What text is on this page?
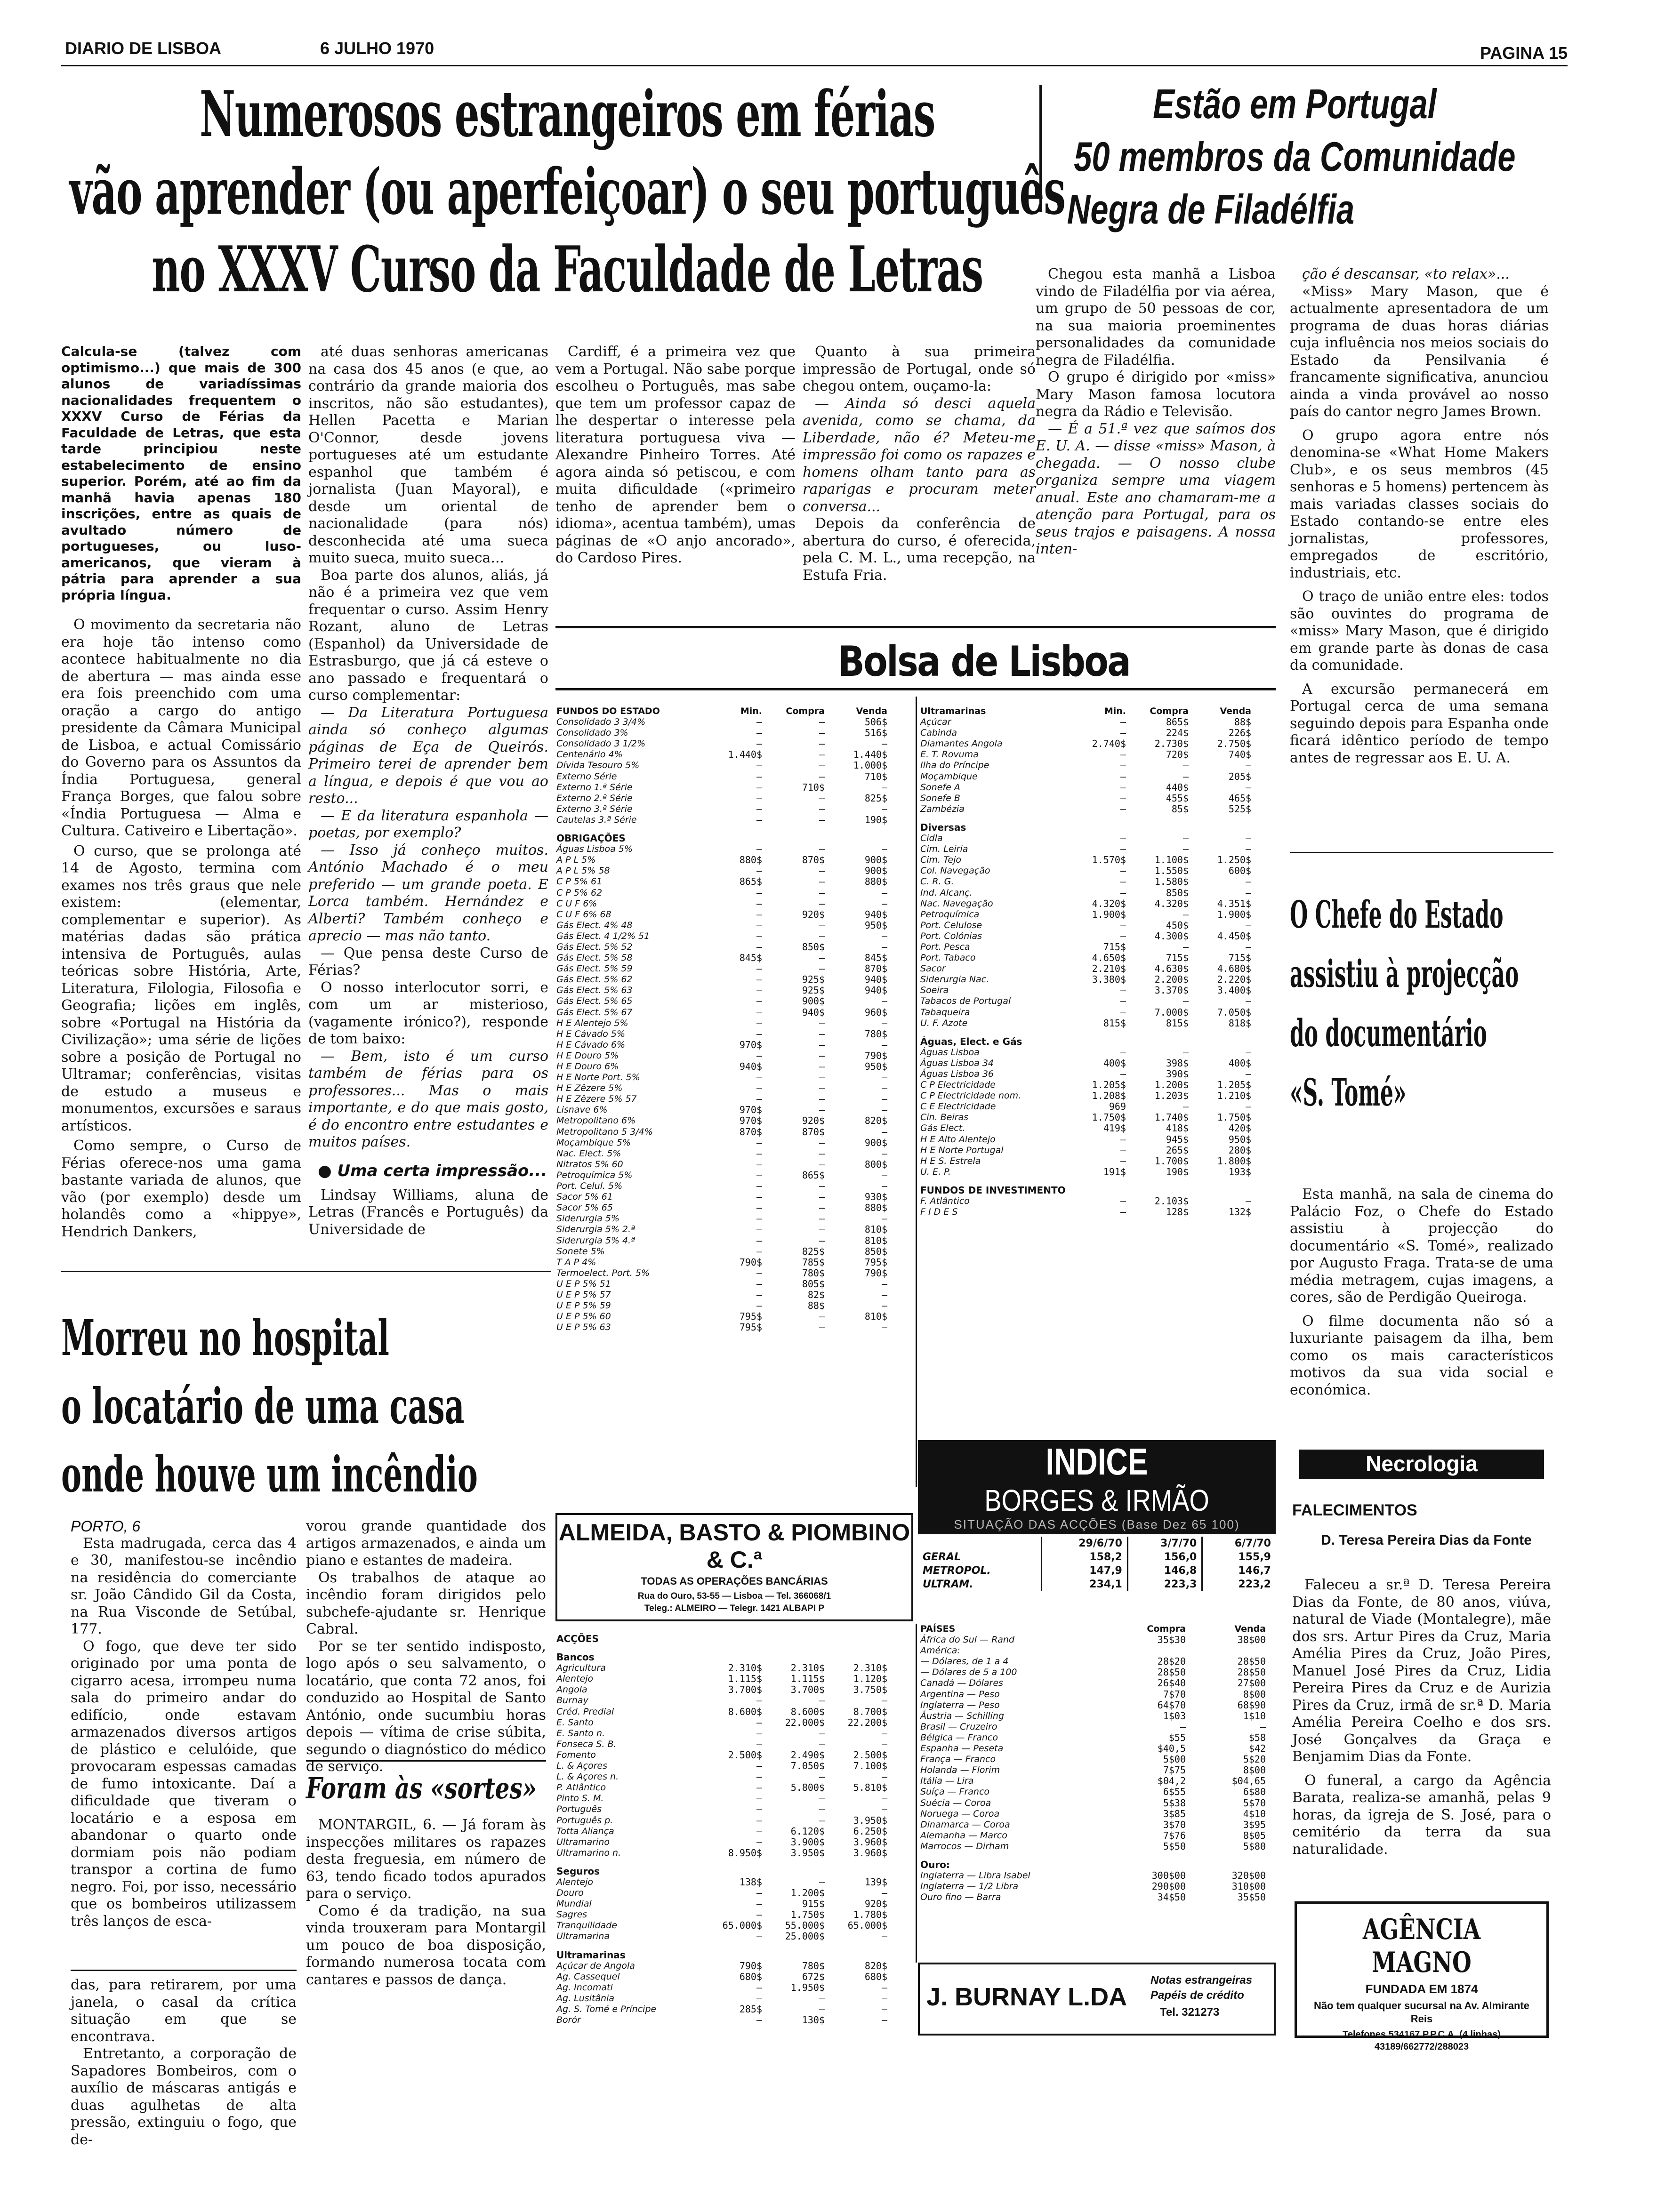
DIARIO DE LISBOA	6 JULHO 1970	PAGINA 15
Numerosos estrangeiros em férias
vão aprender (ou aperfeiçoar) o seu português
no XXXV Curso da Faculdade de Letras
Estão em Portugal
50 membros da Comunidade
Negra de Filadélfia

Chegou esta manhã a Lisboa vindo de Filadélfia por via aérea, um grupo de 50 pessoas de cor, na sua maioria proeminentes personalidades da comunidade negra de Filadélfia.

O grupo é dirigido por «miss» Mary Mason famosa locutora negra da Rádio e Televisão.

— É a 51.ª vez que saímos dos E. U. A. — disse «miss» Mason, à chegada. — O nosso clube organiza sempre uma viagem anual. Este ano chamaram-me a atenção para Portugal, para os seus trajos e paisagens. A nossa inten-

ção é descansar, «to relax»...

«Miss» Mary Mason, que é actualmente apresentadora de um programa de duas horas diárias cuja influência nos meios sociais do Estado da Pensilvania é francamente significativa, anunciou ainda a vinda provável ao nosso país do cantor negro James Brown.

O grupo agora entre nós denomina-se «What Home Makers Club», e os seus membros (45 senhoras e 5 homens) pertencem às mais variadas classes sociais do Estado contando-se entre eles jornalistas, professores, empregados de escritório, industriais, etc.

O traço de união entre eles: todos são ouvintes do programa de «miss» Mary Mason, que é dirigido em grande parte às donas de casa da comunidade.

A excursão permanecerá em Portugal cerca de uma semana seguindo depois para Espanha onde ficará idêntico período de tempo antes de regressar aos E. U. A.

Calcula-se (talvez com optimismo...) que mais de 300 alunos de variadíssimas nacionalidades frequentem o XXXV Curso de Férias da Faculdade de Letras, que esta tarde principiou neste estabelecimento de ensino superior. Porém, até ao fim da manhã havia apenas 180 inscrições, entre as quais de avultado número de portugueses, ou luso-americanos, que vieram à pátria para aprender a sua própria língua.

O movimento da secretaria não era hoje tão intenso como acontece habitualmente no dia de abertura — mas ainda esse era fois preenchido com uma oração a cargo do antigo presidente da Câmara Municipal de Lisboa, e actual Comissário do Governo para os Assuntos da Índia Portuguesa, general França Borges, que falou sobre «Índia Portuguesa — Alma e Cultura. Cativeiro e Libertação».

O curso, que se prolonga até 14 de Agosto, termina com exames nos três graus que nele existem: (elementar, complementar e superior). As matérias dadas são prática intensiva de Português, aulas teóricas sobre História, Arte, Literatura, Filologia, Filosofia e Geografia; lições em inglês, sobre «Portugal na História da Civilização»; uma série de lições sobre a posição de Portugal no Ultramar; conferências, visitas de estudo a museus e monumentos, excursões e saraus artísticos.

Como sempre, o Curso de Férias oferece-nos uma gama bastante variada de alunos, que vão (por exemplo) desde um holandês como a «hippye», Hendrich Dankers,

até duas senhoras americanas na casa dos 45 anos (e que, ao contrário da grande maioria dos inscritos, não são estudantes), Hellen Pacetta e Marian O'Connor, desde jovens portugueses até um estudante espanhol que também é jornalista (Juan Mayoral), e desde um oriental de nacionalidade (para nós) desconhecida até uma sueca muito sueca, muito sueca...

Boa parte dos alunos, aliás, já não é a primeira vez que vem frequentar o curso. Assim Henry Rozant, aluno de Letras (Espanhol) da Universidade de Estrasburgo, que já cá esteve o ano passado e frequentará o curso complementar:

— Da Literatura Portuguesa ainda só conheço algumas páginas de Eça de Queirós. Primeiro terei de aprender bem a língua, e depois é que vou ao resto...

— E da literatura espanhola — poetas, por exemplo?

— Isso já conheço muitos. António Machado é o meu preferido — um grande poeta. E Lorca também. Hernández e Alberti? Também conheço e aprecio — mas não tanto.

— Que pensa deste Curso de Férias?

O nosso interlocutor sorri, e com um ar misterioso, (vagamente irónico?), responde de tom baixo:

— Bem, isto é um curso também de férias para os professores... Mas o mais importante, e do que mais gosto, é do encontro entre estudantes e muitos países.

● Uma certa impressão...

Lindsay Williams, aluna de Letras (Francês e Português) da Universidade de

Cardiff, é a primeira vez que vem a Portugal. Não sabe porque escolheu o Português, mas sabe que tem um professor capaz de lhe despertar o interesse pela literatura portuguesa viva — Alexandre Pinheiro Torres. Até agora ainda só petiscou, e com muita dificuldade («primeiro tenho de aprender bem o idioma», acentua também), umas páginas de «O anjo ancorado», do Cardoso Pires.

Quanto à sua primeira impressão de Portugal, onde só chegou ontem, ouçamo-la:

— Ainda só desci aquela avenida, como se chama, da Liberdade, não é? Meteu-me impressão foi como os rapazes e homens olham tanto para as raparigas e procuram meter conversa...

Depois da conferência de abertura do curso, é oferecida, pela C. M. L., uma recepção, na Estufa Fria.

O Chefe do Estado
assistiu à projecção
do documentário
«S. Tomé»

Esta manhã, na sala de cinema do Palácio Foz, o Chefe do Estado assistiu à projecção do documentário «S. Tomé», realizado por Augusto Fraga. Trata-se de uma média metragem, cujas imagens, a cores, são de Perdigão Queiroga.

O filme documenta não só a luxuriante paisagem da ilha, bem como os mais característicos motivos da sua vida social e económica.

Bolsa de Lisboa
FUNDOS DO ESTADO	Min.	Compra	Venda
Consolidado 3 3/4%	—	—	506$
Consolidado 3%	—	—	516$
Consolidado 3 1/2%	—	—	—
Centenário 4%	1.440$	—	1.440$
Dívida Tesouro 5%	—	—	1.000$
Externo Série	—	—	710$
Externo 1.ª Série	—	710$	—
Externo 2.ª Série	—	—	825$
Externo 3.ª Série	—	—	—
Cautelas 3.ª Série	—	—	190$
OBRIGAÇÕES
Águas Lisboa 5%	—	—	—
A P L 5%	880$	870$	900$
A P L 5% 58	—	—	900$
C P 5% 61	865$	—	880$
C P 5% 62	—	—	—
C U F 6%	—	—	—
C U F 6% 68	—	920$	940$
Gás Elect. 4% 48	—	—	950$
Gás Elect. 4 1/2% 51	—	—	—
Gás Elect. 5% 52	—	850$	—
Gás Elect. 5% 58	845$	—	845$
Gás Elect. 5% 59	—	—	870$
Gás Elect. 5% 62	—	925$	940$
Gás Elect. 5% 63	—	925$	940$
Gás Elect. 5% 65	—	900$	—
Gás Elect. 5% 67	—	940$	960$
H E Alentejo 5%	—	—	—
H E Cávado 5%	—	—	780$
H E Cávado 6%	970$	—	—
H E Douro 5%	—	—	790$
H E Douro 6%	940$	—	950$
H E Norte Port. 5%	—	—	—
H E Zêzere 5%	—	—	—
H E Zêzere 5% 57	—	—	—
Lisnave 6%	970$	—	—
Metropolitano 6%	970$	920$	820$
Metropolitano 5 3/4%	870$	870$	—
Moçambique 5%	—	—	900$
Nac. Elect. 5%	—	—	—
Nitratos 5% 60	—	—	800$
Petroquímica 5%	—	865$	—
Port. Celul. 5%	—	—	—
Sacor 5% 61	—	—	930$
Sacor 5% 65	—	—	880$
Siderurgia 5%	—	—	—
Siderurgia 5% 2.ª	—	—	810$
Siderurgia 5% 4.ª	—	—	810$
Sonete 5%	—	825$	850$
T A P 4%	790$	785$	795$
Termoelect. Port. 5%	—	780$	790$
U E P 5% 51	—	805$	—
U E P 5% 57	—	82$	—
U E P 5% 59	—	88$	—
U E P 5% 60	795$	—	810$
U E P 5% 63	795$	—	—
Ultramarinas	Min.	Compra	Venda
Açúcar	—	865$	88$
Cabinda	—	224$	226$
Diamantes Angola	2.740$	2.730$	2.750$
E. T. Rovuma	—	720$	740$
Ilha do Príncipe	—	—	—
Moçambique	—	—	205$
Sonefe A	—	440$	—
Sonefe B	—	455$	465$
Zambézia	—	85$	525$
Diversas
Cidla	—	—	—
Cim. Leiria	—	—	—
Cim. Tejo	1.570$	1.100$	1.250$
Col. Navegação	—	1.550$	600$
C. R. G.	—	1.580$	—
Ind. Alcanç.	—	850$	—
Nac. Navegação	4.320$	4.320$	4.351$
Petroquímica	1.900$	—	1.900$
Port. Celulose	—	450$	—
Port. Colónias	—	4.300$	4.450$
Port. Pesca	715$	—	—
Port. Tabaco	4.650$	715$	715$
Sacor	2.210$	4.630$	4.680$
Siderurgia Nac.	3.380$	2.200$	2.220$
Soeira	—	3.370$	3.400$
Tabacos de Portugal	—	—	—
Tabaqueira	—	7.000$	7.050$
U. F. Azote	815$	815$	818$
Águas, Elect. e Gás
Águas Lisboa	—	—	—
Águas Lisboa 34	400$	398$	400$
Águas Lisboa 36	—	390$	—
C P Electricidade	1.205$	1.200$	1.205$
C P Electricidade nom.	1.208$	1.203$	1.210$
C E Electricidade	969	—	—
Cin. Beiras	1.750$	1.740$	1.750$
Gás Elect.	419$	418$	420$
H E Alto Alentejo	—	945$	950$
H E Norte Portugal	—	265$	280$
H E S. Estrela	—	1.700$	1.800$
U. E. P.	191$	190$	193$
FUNDOS DE INVESTIMENTO
F. Atlântico	—	2.103$	—
F I D E S	—	128$	132$
INDICE
BORGES & IRMÃO
SITUAÇÃO DAS ACÇÕES (Base Dez 65 100)
	29/6/70	3/7/70	6/7/70
GERAL	158,2	156,0	155,9
METROPOL.	147,9	146,8	146,7
ULTRAM.	234,1	223,3	223,2
ALMEIDA, BASTO & PIOMBINO & C.ª
TODAS AS OPERAÇÕES BANCÁRIAS
Rua do Ouro, 53-55 — Lisboa — Tel. 366068/1
Teleg.: ALMEIRO — Telegr. 1421 ALBAPI P
ACÇÕES
Bancos
Agricultura	2.310$	2.310$	2.310$
Alentejo	1.115$	1.115$	1.120$
Angola	3.700$	3.700$	3.750$
Burnay	—	—	—
Créd. Predial	8.600$	8.600$	8.700$
E. Santo	—	22.000$	22.200$
E. Santo n.	—	—	—
Fonseca S. B.	—	—	—
Fomento	2.500$	2.490$	2.500$
L. & Açores	—	7.050$	7.100$
L. & Açores n.	—	—	—
P. Atlântico	—	5.800$	5.810$
Pinto S. M.	—	—	—
Português	—	—	—
Português p.	—	—	3.950$
Totta Aliança	—	6.120$	6.250$
Ultramarino	—	3.900$	3.960$
Ultramarino n.	8.950$	3.950$	3.960$
Seguros
Alentejo	138$	—	139$
Douro	—	1.200$	—
Mundial	—	915$	920$
Sagres	—	1.750$	1.780$
Tranquilidade	65.000$	55.000$	65.000$
Ultramarina	—	25.000$	—
Ultramarinas
Açúcar de Angola	790$	780$	820$
Ag. Cassequel	680$	672$	680$
Ag. Incomati	—	1.950$	—
Ag. Lusitânia	—	—	—
Ag. S. Tomé e Príncipe	285$	—	—
Borór	—	130$	—
PAÍSES	Compra	Venda
África do Sul — Rand	35$30	38$00
América:
— Dólares, de 1 a 4	28$20	28$50
— Dólares de 5 a 100	28$50	28$50
Canadá — Dólares	26$40	27$00
Argentina — Peso	7$70	8$00
Inglaterra — Peso	64$70	68$90
Áustria — Schilling	1$03	1$10
Brasil — Cruzeiro	—	—
Bélgica — Franco	$55	$58
Espanha — Peseta	$40,5	$42
França — Franco	5$00	5$20
Holanda — Florim	7$75	8$00
Itália — Lira	$04,2	$04,65
Suíça — Franco	6$55	6$80
Suécia — Coroa	5$38	5$70
Noruega — Coroa	3$85	4$10
Dinamarca — Coroa	3$70	3$95
Alemanha — Marco	7$76	8$05
Marrocos — Dirham	5$50	5$80
Ouro:
Inglaterra — Libra Isabel	300$00	320$00
Inglaterra — 1/2 Libra	290$00	310$00
Ouro fino — Barra	34$50	35$50
J. BURNAY L.DA
Notas estrangeiras
Papéis de crédito
Tel. 321273
Morreu no hospital
o locatário de uma casa
onde houve um incêndio
PORTO, 6

Esta madrugada, cerca das 4 e 30, manifestou-se incêndio na residência do comerciante sr. João Cândido Gil da Costa, na Rua Visconde de Setúbal, 177.

O fogo, que deve ter sido originado por uma ponta de cigarro acesa, irrompeu numa sala do primeiro andar do edifício, onde estavam armazenados diversos artigos de plástico e celulóide, que provocaram espessas camadas de fumo intoxicante. Daí a dificuldade que tiveram o locatário e a esposa em abandonar o quarto onde dormiam pois não podiam transpor a cortina de fumo negro. Foi, por isso, necessário que os bombeiros utilizassem três lanços de esca-

das, para retirarem, por uma janela, o casal da crítica situação em que se encontrava.

Entretanto, a corporação de Sapadores Bombeiros, com o auxílio de máscaras antigás e duas agulhetas de alta pressão, extinguiu o fogo, que de-

vorou grande quantidade dos artigos armazenados, e ainda um piano e estantes de madeira.

Os trabalhos de ataque ao incêndio foram dirigidos pelo subchefe-ajudante sr. Henrique Cabral.

Por se ter sentido indisposto, logo após o seu salvamento, o locatário, que conta 72 anos, foi conduzido ao Hospital de Santo António, onde sucumbiu horas depois — vítima de crise súbita, segundo o diagnóstico do médico de serviço.

Foram às «sortes»

MONTARGIL, 6. — Já foram às inspecções militares os rapazes desta freguesia, em número de 63, tendo ficado todos apurados para o serviço.

Como é da tradição, na sua vinda trouxeram para Montargil um pouco de boa disposição, formando numerosa tocata com cantares e passos de dança.

Necrologia
FALECIMENTOS
D. Teresa Pereira Dias da Fonte

Faleceu a sr.ª D. Teresa Pereira Dias da Fonte, de 80 anos, viúva, natural de Viade (Montalegre), mãe dos srs. Artur Pires da Cruz, Maria Amélia Pires da Cruz, João Pires, Manuel José Pires da Cruz, Lidia Pereira Pires da Cruz e de Aurizia Pires da Cruz, irmã de sr.ª D. Maria Amélia Pereira Coelho e dos srs. José Gonçalves da Graça e Benjamim Dias da Fonte.

O funeral, a cargo da Agência Barata, realiza-se amanhã, pelas 9 horas, da igreja de S. José, para o cemitério da terra da sua naturalidade.

AGÊNCIA MAGNO
FUNDADA EM 1874
Não tem qualquer sucursal na Av. Almirante Reis
Telefones 534167 P.P.C.A. (4 linhas) 43189/662772/288023
